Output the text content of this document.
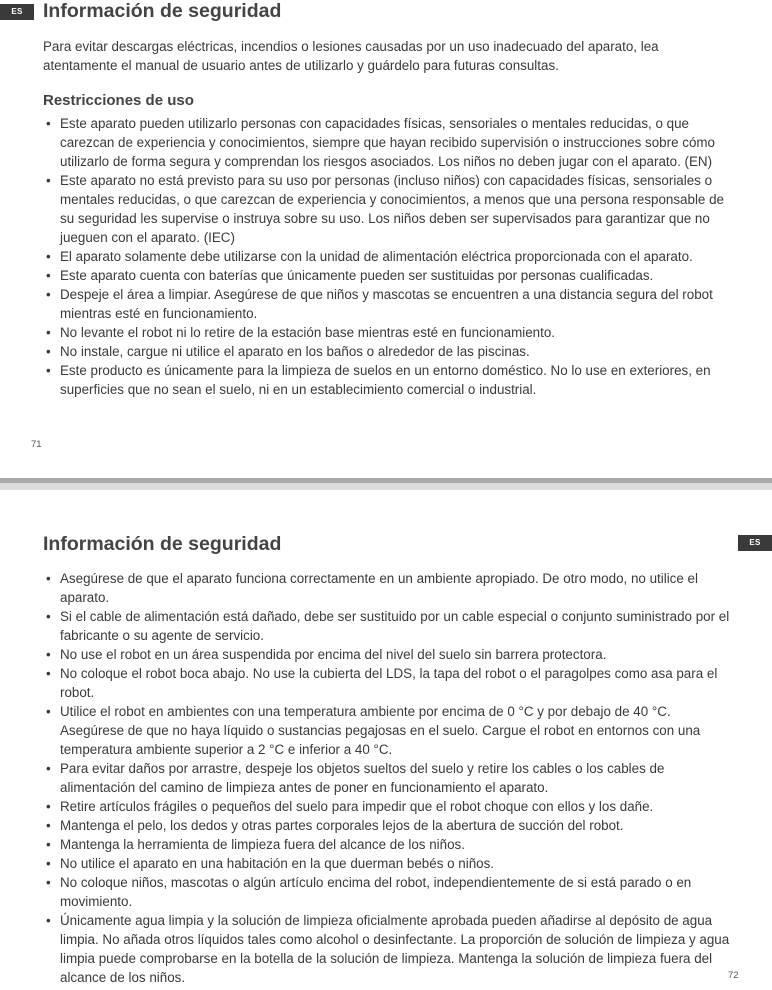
ES	Información de seguridad

Para evitar descargas eléctricas, incendios o lesiones causadas por un uso inadecuado del aparato, lea atentamente el manual de usuario antes de utilizarlo y guárdelo para futuras consultas.

Restricciones de uso
• Este aparato pueden utilizarlo personas con capacidades físicas, sensoriales o mentales reducidas, o que carezcan de experiencia y conocimientos, siempre que hayan recibido supervisión o instrucciones sobre cómo utilizarlo de forma segura y comprendan los riesgos asociados. Los niños no deben jugar con el aparato. (EN)
• Este aparato no está previsto para su uso por personas (incluso niños) con capacidades físicas, sensoriales o mentales reducidas, o que carezcan de experiencia y conocimientos, a menos que una persona responsable de su seguridad les supervise o instruya sobre su uso. Los niños deben ser supervisados para garantizar que no jueguen con el aparato. (IEC)
• El aparato solamente debe utilizarse con la unidad de alimentación eléctrica proporcionada con el aparato.
• Este aparato cuenta con baterías que únicamente pueden ser sustituidas por personas cualificadas.
• Despeje el área a limpiar. Asegúrese de que niños y mascotas se encuentren a una distancia segura del robot mientras esté en funcionamiento.
• No levante el robot ni lo retire de la estación base mientras esté en funcionamiento.
• No instale, cargue ni utilice el aparato en los baños o alrededor de las piscinas.
• Este producto es únicamente para la limpieza de suelos en un entorno doméstico. No lo use en exteriores, en superficies que no sean el suelo, ni en un establecimiento comercial o industrial.
71
ES
Información de seguridad
• Asegúrese de que el aparato funciona correctamente en un ambiente apropiado. De otro modo, no utilice el aparato.
• Si el cable de alimentación está dañado, debe ser sustituido por un cable especial o conjunto suministrado por el fabricante o su agente de servicio.
• No use el robot en un área suspendida por encima del nivel del suelo sin barrera protectora.
• No coloque el robot boca abajo. No use la cubierta del LDS, la tapa del robot o el paragolpes como asa para el robot.
• Utilice el robot en ambientes con una temperatura ambiente por encima de 0 °C y por debajo de 40 °C. Asegúrese de que no haya líquido o sustancias pegajosas en el suelo. Cargue el robot en entornos con una temperatura ambiente superior a 2 °C e inferior a 40 °C.
• Para evitar daños por arrastre, despeje los objetos sueltos del suelo y retire los cables o los cables de alimentación del camino de limpieza antes de poner en funcionamiento el aparato.
• Retire artículos frágiles o pequeños del suelo para impedir que el robot choque con ellos y los dañe.
• Mantenga el pelo, los dedos y otras partes corporales lejos de la abertura de succión del robot.
• Mantenga la herramienta de limpieza fuera del alcance de los niños.
• No utilice el aparato en una habitación en la que duerman bebés o niños.
• No coloque niños, mascotas o algún artículo encima del robot, independientemente de si está parado o en movimiento.
• Únicamente agua limpia y la solución de limpieza oficialmente aprobada pueden añadirse al depósito de agua limpia. No añada otros líquidos tales como alcohol o desinfectante. La proporción de solución de limpieza y agua limpia puede comprobarse en la botella de la solución de limpieza. Mantenga la solución de limpieza fuera del alcance de los niños.	72
